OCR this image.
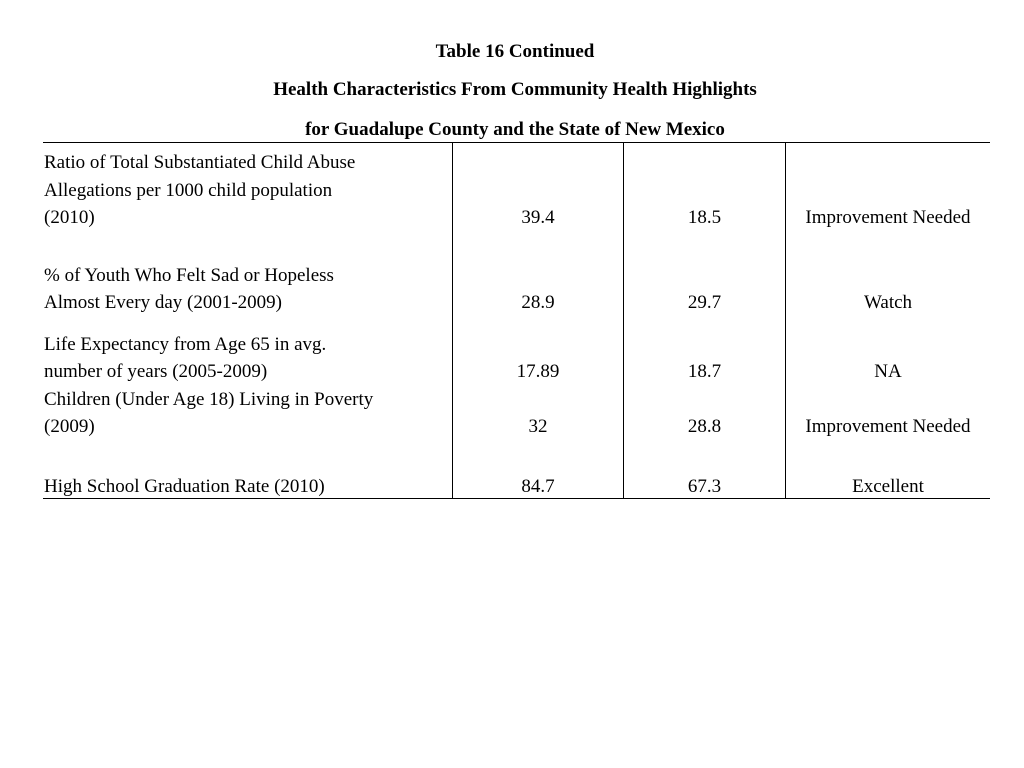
Table 16 Continued
Health Characteristics From Community Health Highlights
for Guadalupe County and the State of New Mexico
Ratio of Total Substantiated Child Abuse
Allegations per 1000 child population
(2010)	39.4	18.5	Improvement Needed
% of Youth Who Felt Sad or Hopeless
Almost Every day (2001-2009)	28.9	29.7	Watch
Life Expectancy from Age 65 in avg.
number of years (2005-2009)	17.89	18.7	NA
Children (Under Age 18) Living in Poverty
(2009)	32	28.8	Improvement Needed
High School Graduation Rate (2010)	84.7	67.3	Excellent
